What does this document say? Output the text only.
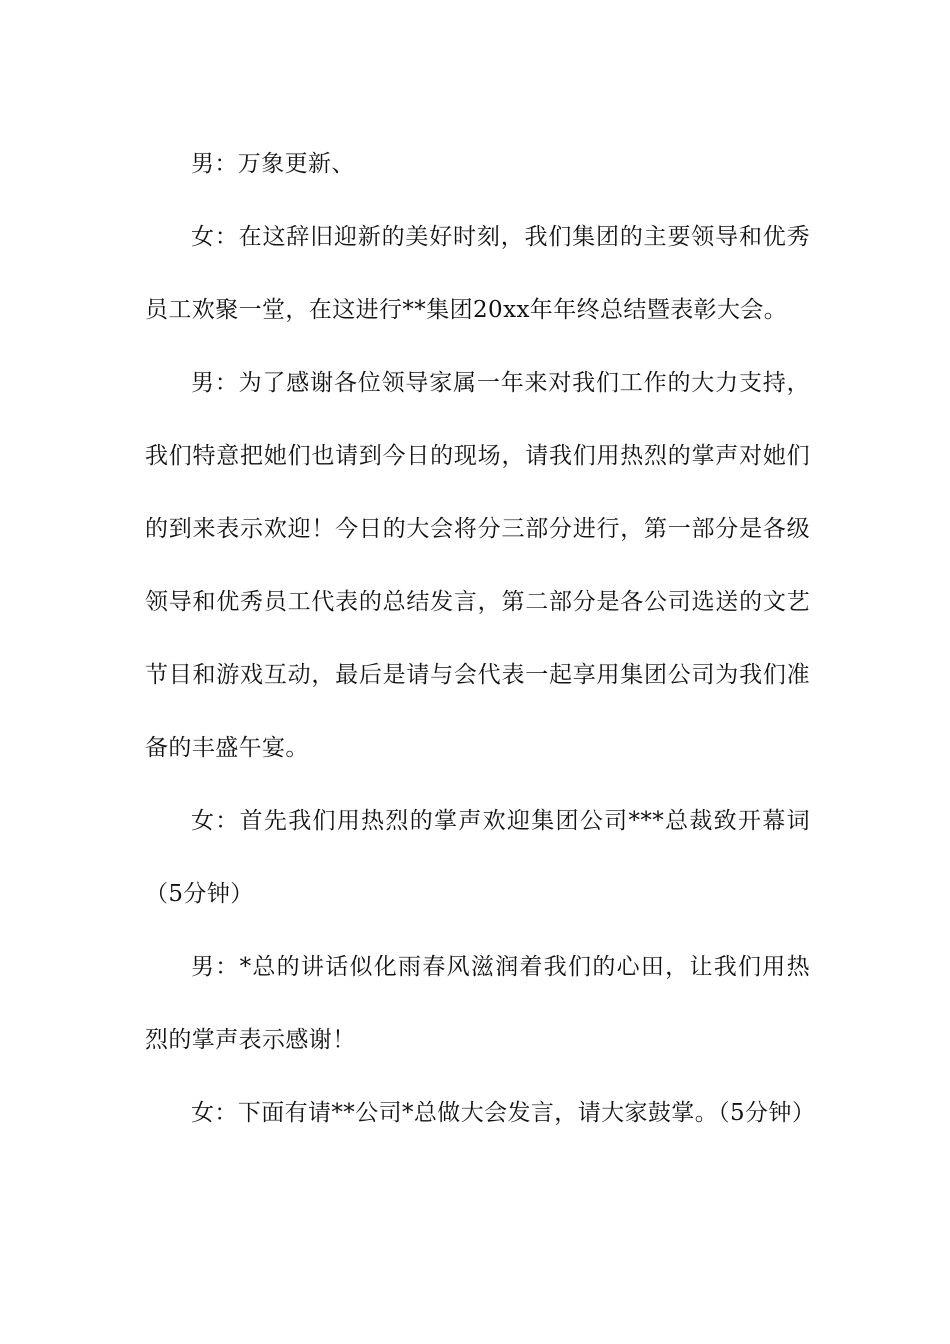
男：万象更新、

女：在这辞旧迎新的美好时刻，我们集团的主要领导和优秀员工欢聚一堂，在这进行**集团20xx年年终总结暨表彰大会。

男：为了感谢各位领导家属一年来对我们工作的大力支持，我们特意把她们也请到今日的现场，请我们用热烈的掌声对她们的到来表示欢迎！今日的大会将分三部分进行，第一部分是各级领导和优秀员工代表的总结发言，第二部分是各公司选送的文艺节目和游戏互动，最后是请与会代表一起享用集团公司为我们准备的丰盛午宴。

女：首先我们用热烈的掌声欢迎集团公司***总裁致开幕词（5分钟）

男：*总的讲话似化雨春风滋润着我们的心田，让我们用热烈的掌声表示感谢！

女：下面有请**公司*总做大会发言，请大家鼓掌。（5分钟）
